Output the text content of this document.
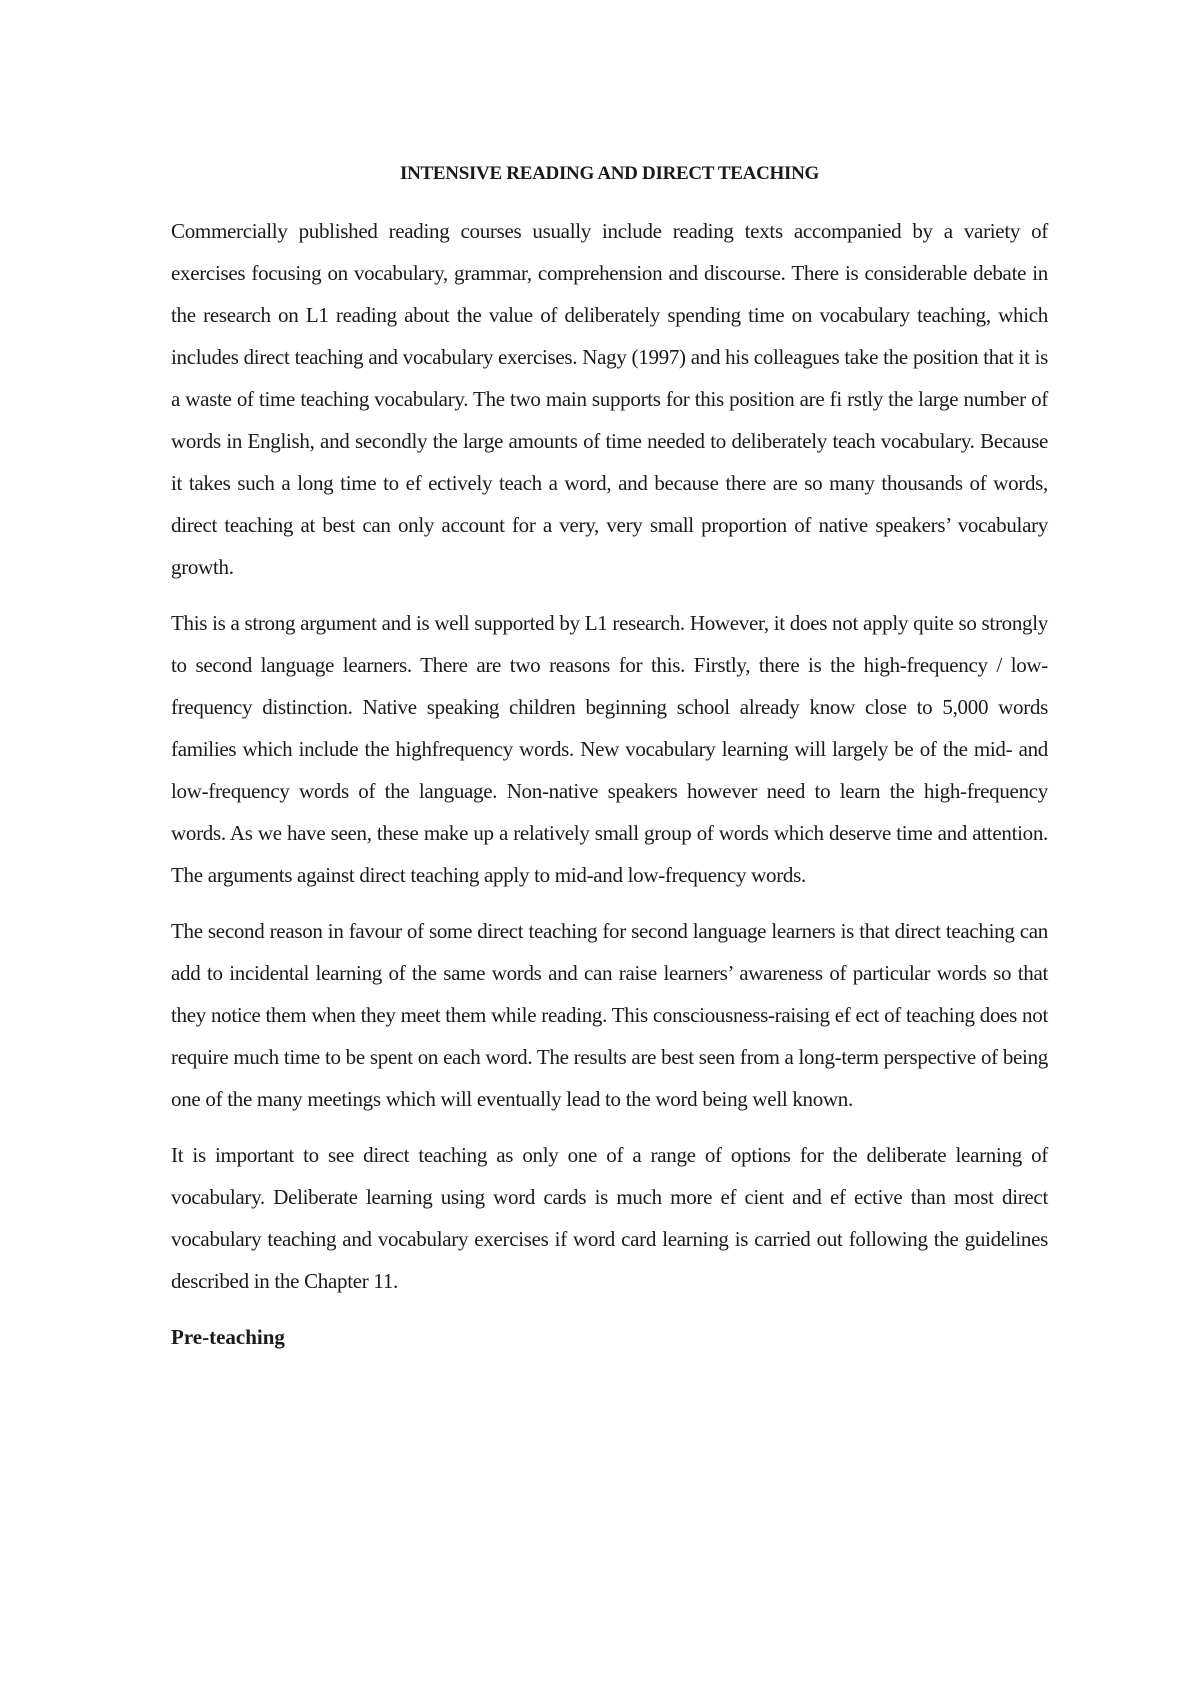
INTENSIVE READING AND DIRECT TEACHING

Commercially published reading courses usually include reading texts accompanied by a variety of exercises focusing on vocabulary, grammar, comprehension and discourse. There is considerable debate in the research on L1 reading about the value of deliberately spending time on vocabulary teaching, which includes direct teaching and vocabulary exercises. Nagy (1997) and his colleagues take the position that it is a waste of time teaching vocabulary. The two main supports for this position are fi rstly the large number of words in English, and secondly the large amounts of time needed to deliberately teach vocabulary. Because it takes such a long time to ef ectively teach a word, and because there are so many thousands of words, direct teaching at best can only account for a very, very small proportion of native speakers’ vocabulary growth.

This is a strong argument and is well supported by L1 research. However, it does not apply quite so strongly to second language learners. There are two reasons for this. Firstly, there is the high-frequency / low-frequency distinction. Native speaking children beginning school already know close to 5,000 words families which include the highfrequency words. New vocabulary learning will largely be of the mid- and low-frequency words of the language. Non-native speakers however need to learn the high-frequency words. As we have seen, these make up a relatively small group of words which deserve time and attention. The arguments against direct teaching apply to mid-and low-frequency words.

The second reason in favour of some direct teaching for second language learners is that direct teaching can add to incidental learning of the same words and can raise learners’ awareness of particular words so that they notice them when they meet them while reading. This consciousness-raising ef ect of teaching does not require much time to be spent on each word. The results are best seen from a long-term perspective of being one of the many meetings which will eventually lead to the word being well known.

It is important to see direct teaching as only one of a range of options for the deliberate learning of vocabulary. Deliberate learning using word cards is much more ef cient and ef ective than most direct vocabulary teaching and vocabulary exercises if word card learning is carried out following the guidelines described in the Chapter 11.

Pre-teaching
